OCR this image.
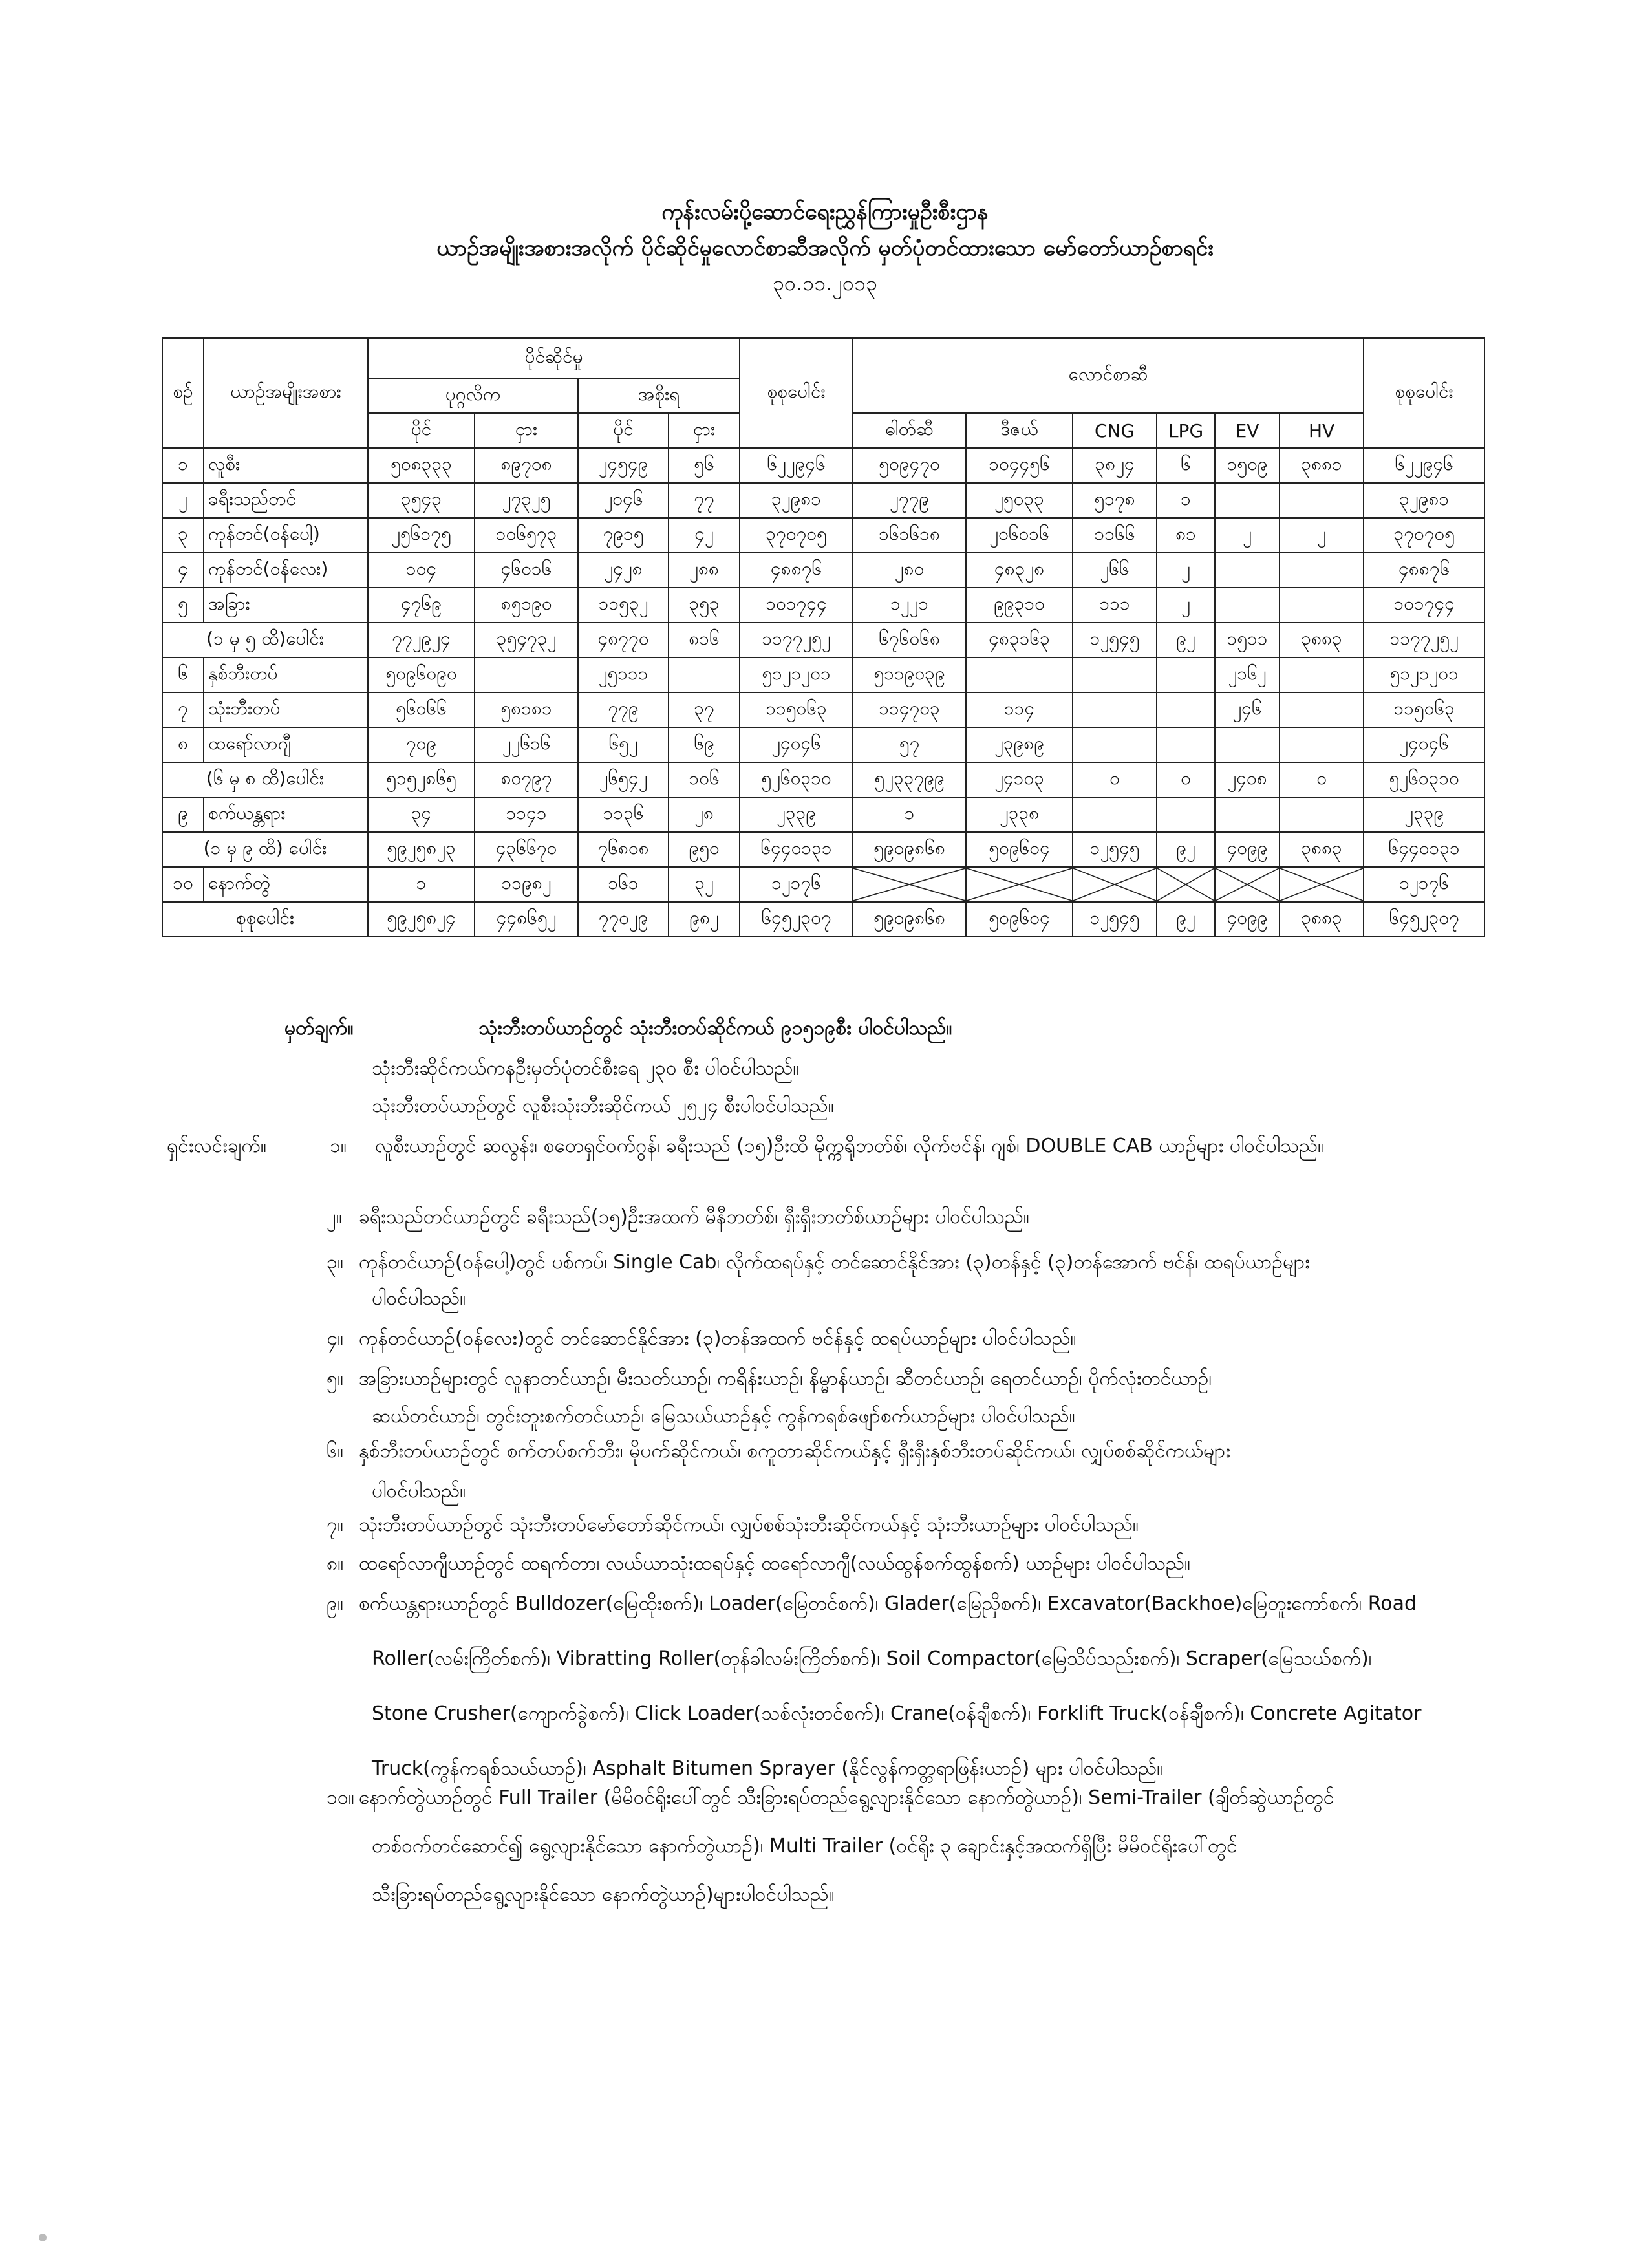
ကုန်းလမ်းပို့ဆောင်ရေးညွှန်ကြားမှုဦးစီးဌာန
ယာဉ်အမျိုးအစားအလိုက် ပိုင်ဆိုင်မှုလောင်စာဆီအလိုက် မှတ်ပုံတင်ထားသော မော်တော်ယာဉ်စာရင်း
၃၀.၁၁.၂၀၁၃
စဉ်	ယာဉ်အမျိုးအစား	ပိုင်ဆိုင်မှု				စုစုပေါင်း	လောင်စာဆီ						စုစုပေါင်း
		ပုဂ္ဂလိက		အစိုးရ									
		ပိုင်	ငှား	ပိုင်	ငှား		ဓါတ်ဆီ	ဒီဇယ်	CNG	LPG	EV	HV	
၁	လူစီး	၅၀၈၃၃၃	၈၉၇၀၈	၂၄၅၄၉	၅၆	၆၂၂၉၄၆	၅၀၉၄၇၀	၁၀၄၄၅၆	၃၈၂၄	၆	၁၅၀၉	၃၈၈၁	၆၂၂၉၄၆
၂	ခရီးသည်တင်	၃၅၄၃	၂၇၃၂၅	၂၀၄၆	၇၇	၃၂၉၈၁	၂၇၇၉	၂၅၀၃၃	၅၁၇၈	၁			၃၂၉၈၁
၃	ကုန်တင်(ဝန်ပေါ့)	၂၅၆၁၇၅	၁၀၆၅၇၃	၇၉၁၅	၄၂	၃၇၀၇၀၅	၁၆၁၆၁၈	၂၀၆၀၁၆	၁၁၆၆	၈၁	၂	၂	၃၇၀၇၀၅
၄	ကုန်တင်(ဝန်လေး)	၁၀၄	၄၆၀၁၆	၂၄၂၈	၂၈၈	၄၈၈၇၆	၂၈၀	၄၈၃၂၈	၂၆၆	၂			၄၈၈၇၆
၅	အခြား	၄၇၆၉	၈၅၁၉၀	၁၁၅၃၂	၃၅၃	၁၀၁၇၄၄	၁၂၂၁	၉၉၃၁၀	၁၁၁	၂			၁၀၁၇၄၄
(၁ မှ ၅ ထိ)ပေါင်း		၇၇၂၉၂၄	၃၅၄၇၃၂	၄၈၇၇၀	၈၁၆	၁၁၇၇၂၅၂	၆၇၆၀၆၈	၄၈၃၁၆၃	၁၂၅၄၅	၉၂	၁၅၁၁	၃၈၈၃	၁၁၇၇၂၅၂
၆	နှစ်ဘီးတပ်	၅၀၉၆၀၉၀		၂၅၁၁၁		၅၁၂၁၂၀၁	၅၁၁၉၀၃၉				၂၁၆၂		၅၁၂၁၂၀၁
၇	သုံးဘီးတပ်	၅၆၀၆၆	၅၈၁၈၁	၇၇၉	၃၇	၁၁၅၀၆၃	၁၁၄၇၀၃	၁၁၄			၂၄၆		၁၁၅၀၆၃
၈	ထရော်လာဂျီ	၇၀၉	၂၂၆၁၆	၆၅၂	၆၉	၂၄၀၄၆	၅၇	၂၃၉၈၉					၂၄၀၄၆
(၆ မှ ၈ ထိ)ပေါင်း		၅၁၅၂၈၆၅	၈၀၇၉၇	၂၆၅၄၂	၁၀၆	၅၂၆၀၃၁၀	၅၂၃၃၇၉၉	၂၄၁၀၃	၀	၀	၂၄၀၈	၀	၅၂၆၀၃၁၀
၉	စက်ယန္တရား	၃၄	၁၁၄၁	၁၁၃၆	၂၈	၂၃၃၉	၁	၂၃၃၈					၂၃၃၉
(၁ မှ ၉ ထိ) ပေါင်း		၅၉၂၅၈၂၃	၄၃၆၆၇၀	၇၆၈၀၈	၉၅၀	၆၄၄၀၁၃၁	၅၉၀၉၈၆၈	၅၀၉၆၀၄	၁၂၅၄၅	၉၂	၄၀၉၉	၃၈၈၃	၆၄၄၀၁၃၁
၁၀	နောက်တွဲ	၁	၁၁၉၈၂	၁၆၁	၃၂	၁၂၁၇၆							၁၂၁၇၆
စုစုပေါင်း		၅၉၂၅၈၂၄	၄၄၈၆၅၂	၇၇၀၂၉	၉၈၂	၆၄၅၂၃၀၇	၅၉၀၉၈၆၈	၅၀၉၆၀၄	၁၂၅၄၅	၉၂	၄၀၉၉	၃၈၈၃	၆၄၅၂၃၀၇
မှတ်ချက်။	သုံးဘီးတပ်ယာဉ်တွင် သုံးဘီးတပ်ဆိုင်ကယ် ၉၁၅၁၉စီး ပါဝင်ပါသည်။
သုံးဘီးဆိုင်ကယ်ကနဦးမှတ်ပုံတင်စီးရေ ၂၃၀ စီး ပါဝင်ပါသည်။
သုံးဘီးတပ်ယာဉ်တွင် လူစီးသုံးဘီးဆိုင်ကယ် ၂၅၂၄ စီးပါဝင်ပါသည်။
ရှင်းလင်းချက်။	၁။ လူစီးယာဉ်တွင် ဆလွန်း၊ စတေရှင်ဝက်ဂွန်၊ ခရီးသည် (၁၅)ဦးထိ မိုက္ကရိုဘတ်စ်၊ လိုက်ဗင်န်၊ ဂျစ်၊ DOUBLE CAB ယာဉ်များ ပါဝင်ပါသည်။
၂။ ခရီးသည်တင်ယာဉ်တွင် ခရီးသည်(၁၅)ဦးအထက် မီနီဘတ်စ်၊ ရှီးရှီးဘတ်စ်ယာဉ်များ ပါဝင်ပါသည်။
၃။ ကုန်တင်ယာဉ်(ဝန်ပေါ့)တွင် ပစ်ကပ်၊ Single Cab၊ လိုက်ထရပ်နှင့် တင်ဆောင်နိုင်အား (၃)တန်နှင့် (၃)တန်အောက် ဗင်န်၊ ထရပ်ယာဉ်များ
ပါဝင်ပါသည်။
၄။ ကုန်တင်ယာဉ်(ဝန်လေး)တွင် တင်ဆောင်နိုင်အား (၃)တန်အထက် ဗင်န်နှင့် ထရပ်ယာဉ်များ ပါဝင်ပါသည်။
၅။ အခြားယာဉ်များတွင် လူနာတင်ယာဉ်၊ မီးသတ်ယာဉ်၊ ကရိန်းယာဉ်၊ နိမ္မာန်ယာဉ်၊ ဆီတင်ယာဉ်၊ ရေတင်ယာဉ်၊ ပိုက်လုံးတင်ယာဉ်၊
ဆယ်တင်ယာဉ်၊ တွင်းတူးစက်တင်ယာဉ်၊ မြေသယ်ယာဉ်နှင့် ကွန်ကရစ်ဖျော်စက်ယာဉ်များ ပါဝင်ပါသည်။
၆။ နှစ်ဘီးတပ်ယာဉ်တွင် စက်တပ်စက်ဘီး၊ မိုပက်ဆိုင်ကယ်၊ စကူတာဆိုင်ကယ်နှင့် ရှီးရှီးနှစ်ဘီးတပ်ဆိုင်ကယ်၊ လျှပ်စစ်ဆိုင်ကယ်များ
ပါဝင်ပါသည်။
၇။ သုံးဘီးတပ်ယာဉ်တွင် သုံးဘီးတပ်မော်တော်ဆိုင်ကယ်၊ လျှပ်စစ်သုံးဘီးဆိုင်ကယ်နှင့် သုံးဘီးယာဉ်များ ပါဝင်ပါသည်။
၈။ ထရော်လာဂျီယာဉ်တွင် ထရက်တာ၊ လယ်ယာသုံးထရပ်နှင့် ထရော်လာဂျီ(လယ်ထွန်စက်ထွန်စက်) ယာဉ်များ ပါဝင်ပါသည်။
၉။ စက်ယန္တရားယာဉ်တွင် Bulldozer(မြေထိုးစက်)၊ Loader(မြေတင်စက်)၊ Glader(မြေညှိစက်)၊ Excavator(Backhoe)မြေတူးကော်စက်၊ Road
Roller(လမ်းကြိတ်စက်)၊ Vibratting Roller(တုန်ခါလမ်းကြိတ်စက်)၊ Soil Compactor(မြေသိပ်သည်းစက်)၊ Scraper(မြေသယ်စက်)၊
Stone Crusher(ကျောက်ခွဲစက်)၊ Click Loader(သစ်လုံးတင်စက်)၊ Crane(ဝန်ချီစက်)၊ Forklift Truck(ဝန်ချီစက်)၊ Concrete Agitator
Truck(ကွန်ကရစ်သယ်ယာဉ်)၊ Asphalt Bitumen Sprayer (နိုင်လွန်ကတ္တရာဖြန်းယာဉ်) များ ပါဝင်ပါသည်။
၁၀။ နောက်တွဲယာဉ်တွင် Full Trailer (မိမိဝင်ရိုးပေါ်တွင် သီးခြားရပ်တည်ရွေ့လျားနိုင်သော နောက်တွဲယာဉ်)၊ Semi-Trailer (ချိတ်ဆွဲယာဉ်တွင်
တစ်ဝက်တင်ဆောင်၍ ရွေ့လျားနိုင်သော နောက်တွဲယာဉ်)၊ Multi Trailer (ဝင်ရိုး ၃ ချောင်းနှင့်အထက်ရှိပြီး မိမိဝင်ရိုးပေါ်တွင်
သီးခြားရပ်တည်ရွေ့လျားနိုင်သော နောက်တွဲယာဉ်)များပါဝင်ပါသည်။
